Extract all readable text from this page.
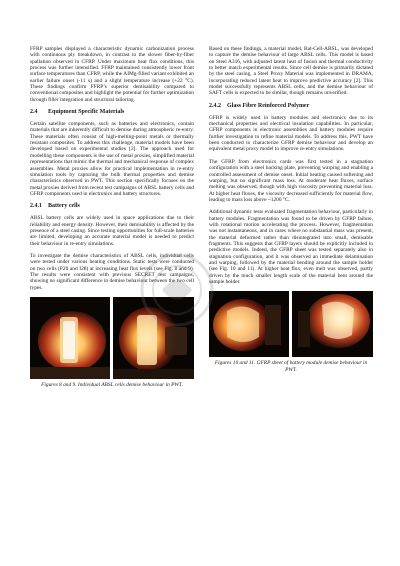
FFRP samples displayed a characteristic dynamic carbonization process with continuous ply breakdown, in contrast to the slower fiber-by-fiber spallation observed in CFRP. Under maximum heat flux conditions, this process was further intensified. FFRP maintained consistently lower front surface temperatures than CFRP, while the AIMg-filled variant exhibited an earlier failure onset (-11 s) and a slight temperature increase (+22 °C). These findings confirm FFRP’s superior demisability compared to conventional composites and highlight the potential for further optimization through filler integration and structural tailoring.

2.4 Equipment Specific Materials

Certain satellite components, such as batteries and electronics, contain materials that are inherently difficult to demise during atmospheric re-entry. These materials often consist of high-melting-point metals or thermally resistant composites. To address this challenge, material models have been developed based on experimental studies [2]. The approach used for modelling these components is the use of metal proxies, simplified material representations that mimic the thermal and mechanical response of complex assemblies. Metal proxies allow for practical implementation in re-entry simulation tools by capturing the bulk thermal properties and demise characteristics observed in PWT. This section specifically focuses on the metal proxies derived from recent test campaigns of ABSL battery cells and GFRP components used in electronics and battery structures.

2.4.1 Battery cells

ABSL battery cells are widely used in space applications due to their reliability and energy density. However, their demisability is affected by the presence of a steel casing. Since testing opportunities for full-scale batteries are limited, developing an accurate material model is needed to predict their behaviour in re-entry simulations.

To investigate the demise characteristics of ABSL cells, individual cells were tested under various heating conditions. Static tests were conducted on two cells (P20 and I28) at increasing heat flux levels (see Fig. 8 and 9). The results were consistent with previous SECRET test campaigns, showing no significant difference in demise behaviour between the two cell types.

Figures 8 and 9. Individual ABSL cells demise behaviour in PWT.

Based on these findings, a material model, Bat-Cell-ABSL, was developed to capture the demise behaviour of large ABSL cells. This model is based on Steel A316, with adjusted latent heat of fusion and thermal conductivity to better match experimental results. Since cell demise is primarily dictated by the steel casing, a Steel Proxy Material was implemented in DRAMA, incorporating reduced latent heat to improve predictive accuracy [2]. This model successfully represents ABSL cells, and the demise behaviour of SAFT cells is expected to be similar, though remains unverified.

2.4.2 Glass Fibre Reinforced Polymer

GFRP is widely used in battery modules and electronics due to its mechanical properties and electrical insulation capabilities. In particular, GFRP components in electronic assemblies and battery modules require further investigation to refine material models. To address this, PWT have been conducted to characterize GFRP demise behaviour and develop an equivalent metal proxy model to improve re-entry simulations.

The GFRP from electronics cards was first tested in a stagnation configuration with a steel backing plate, preventing warping and enabling a controlled assessment of demise onset. Initial heating caused softening and warping, but no significant mass loss. At moderate heat fluxes, surface melting was observed, though with high viscosity preventing material loss. At higher heat fluxes, the viscosity decreased sufficiently for material flow, leading to mass loss above ~1200 °C.

Additional dynamic tests evaluated fragmentation behaviour, particularly in battery modules. Fragmentation was found to be driven by GFRP failure, with rotational motion accelerating the process. However, fragmentation was not instantaneous, and in cases where no substantial mass was present, the material deformed rather than disintegrated into small, demisable fragments. This suggests that GFRP layers should be explicitly included in predictive models. Indeed, the GFRP sheet was tested separately also in stagnation configuration, and it was observed an immediate delamination and warping, followed by the material bending around the sample holder (see Fig. 10 and 11). At higher heat flux, even melt was observed, partly driven by the much smaller length scale of the material bent around the sample holder.

Figures 10 and 11. GFRP sheet of battery module demise behaviour in PWT.
